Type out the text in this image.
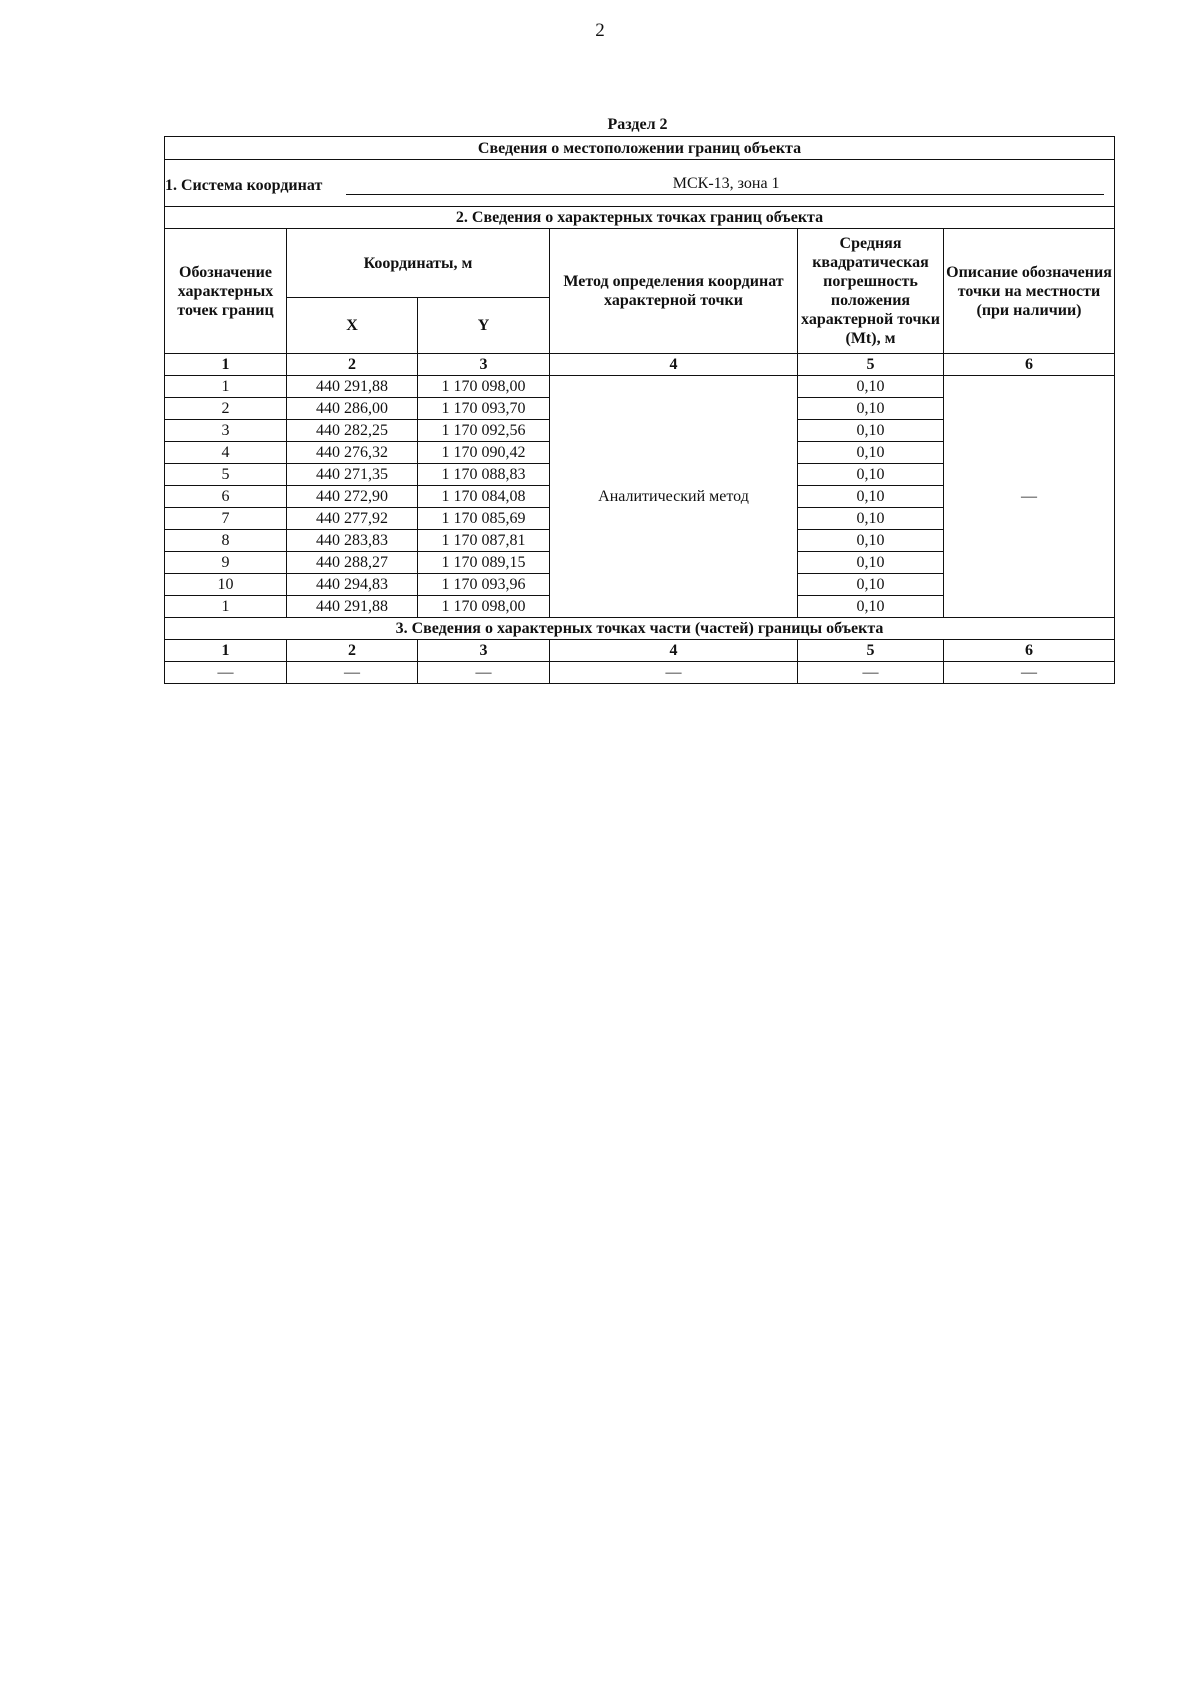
2
Раздел 2
Сведения о местоположении границ объекта					

1. Система координат МСК-13, зона 1					

2. Сведения о характерных точках границ объекта					
Обозначение характерных точек границ	Координаты, м		Метод определения координат характерной точки	Средняя квадратическая погрешность положения характерной точки (Mt), м	Описание обозначения точки на местности (при наличии)
	X	Y			
1	2	3	4	5	6
1	440 291,88	1 170 098,00	Аналитический метод	0,10	—
2	440 286,00	1 170 093,70		0,10	
3	440 282,25	1 170 092,56		0,10	
4	440 276,32	1 170 090,42		0,10	
5	440 271,35	1 170 088,83		0,10	
6	440 272,90	1 170 084,08		0,10	
7	440 277,92	1 170 085,69		0,10	
8	440 283,83	1 170 087,81		0,10	
9	440 288,27	1 170 089,15		0,10	
10	440 294,83	1 170 093,96		0,10	
1	440 291,88	1 170 098,00		0,10	
3. Сведения о характерных точках части (частей) границы объекта					
1	2	3	4	5	6
—	—	—	—	—	—
